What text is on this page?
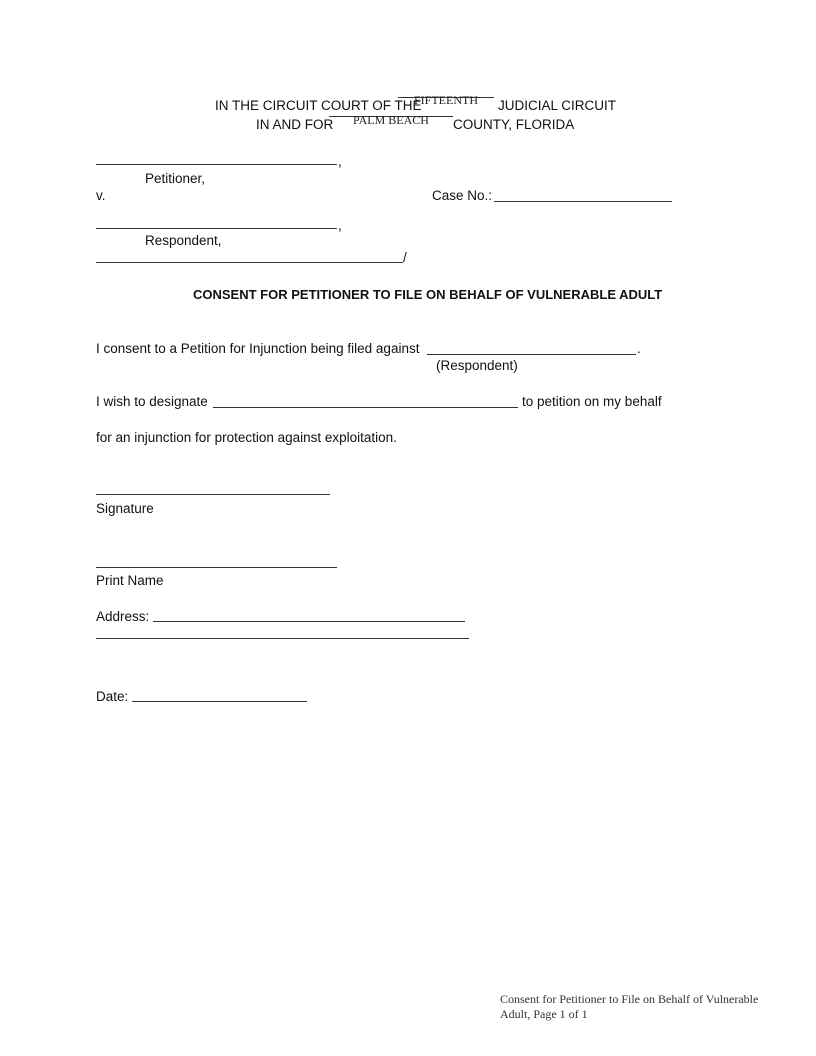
IN THE CIRCUIT COURT OF THE
FIFTEENTH	JUDICIAL CIRCUIT
IN AND FOR	PALM BEACH	COUNTY, FLORIDA
,
Petitioner,
v.	Case No.:
,
Respondent,
/
CONSENT FOR PETITIONER TO FILE ON BEHALF OF VULNERABLE ADULT
I consent to a Petition for Injunction being filed against	.
(Respondent)
I wish to designate	to petition on my behalf
for an injunction for protection against exploitation.
Signature
Print Name
Address:
Date:
Consent for Petitioner to File on Behalf of Vulnerable
Adult, Page 1 of 1
